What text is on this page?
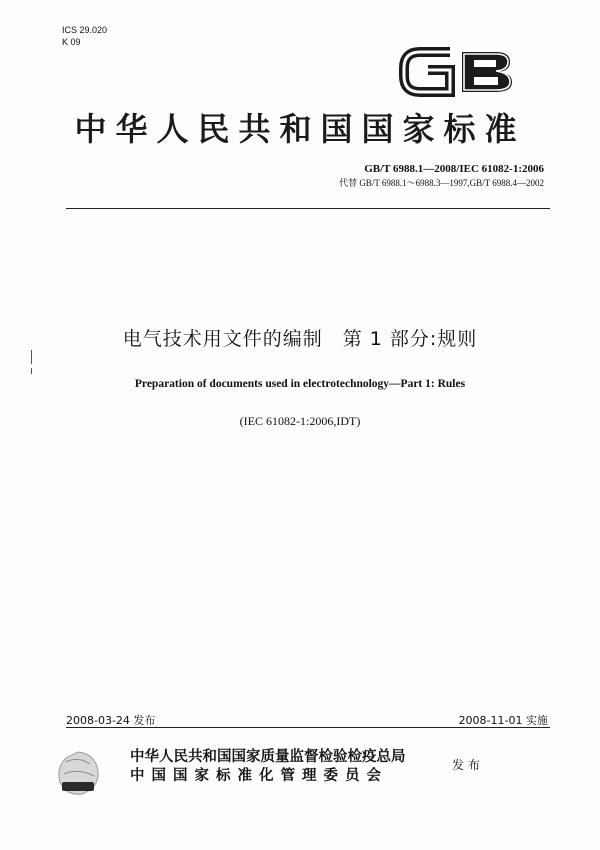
ICS 29.020
K 09
GB
中华人民共和国国家标准
GB/T 6988.1—2008/IEC 61082-1:2006
代替 GB/T 6988.1～6988.3—1997,GB/T 6988.4—2002
电气技术用文件的编制　第 1 部分:规则
Preparation of documents used in electrotechnology—Part 1: Rules
(IEC 61082-1:2006,IDT)
2008-03-24 发布	2008-11-01 实施
中华人民共和国国家质量监督检验检疫总局
中国国家标准化管理委员会
发布
